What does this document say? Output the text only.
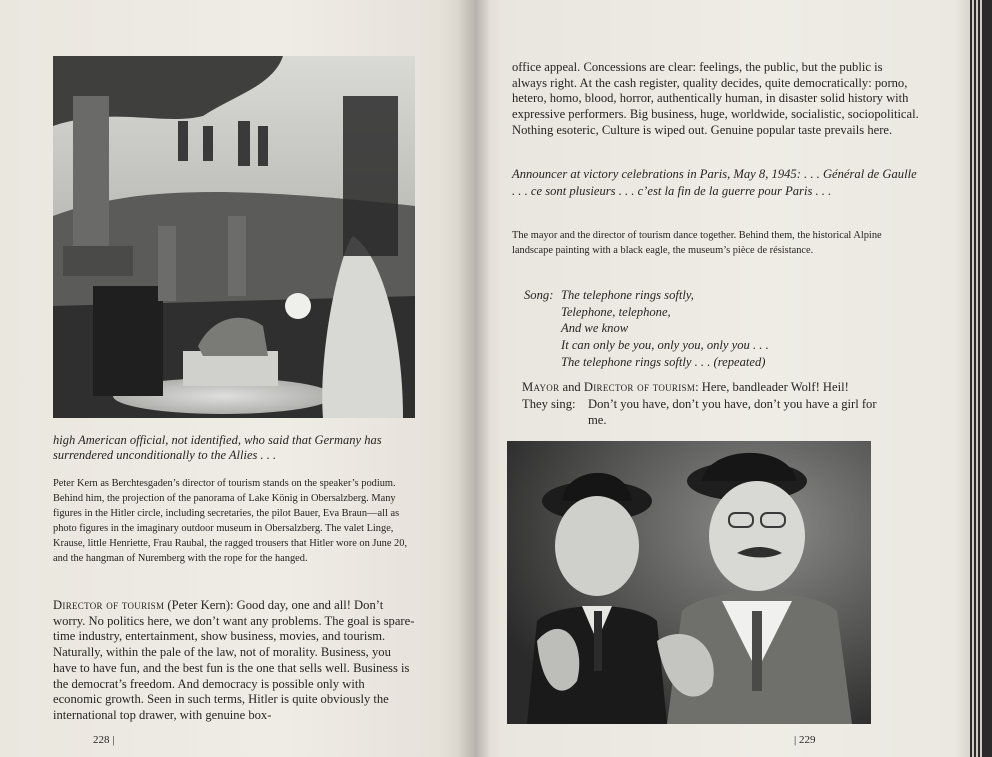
high American official, not identified, who said that Germany has surrendered unconditionally to the Allies . . .

Peter Kern as Berchtesgaden’s director of tourism stands on the speaker’s podium. Behind him, the projection of the panorama of Lake König in Obersalzberg. Many figures in the Hitler circle, including secretaries, the pilot Bauer, Eva Braun—all as photo figures in the imaginary outdoor museum in Obersalzberg. The valet Linge, Krause, little Henriette, Frau Raubal, the ragged trousers that Hitler wore on June 20, and the hangman of Nuremberg with the rope for the hanged.

Director of tourism (Peter Kern): Good day, one and all! Don’t worry. No politics here, we don’t want any problems. The goal is spare-time industry, entertainment, show business, movies, and tourism. Naturally, within the pale of the law, not of morality. Business, you have to have fun, and the best fun is the one that sells well. Business is the democrat’s freedom. And democracy is possible only with economic growth. Seen in such terms, Hitler is quite obviously the international top drawer, with genuine box-

228 |

office appeal. Concessions are clear: feelings, the public, but the public is always right. At the cash register, quality decides, quite democratically: porno, hetero, homo, blood, horror, authentically human, in disaster solid history with expressive performers. Big business, huge, worldwide, socialistic, sociopolitical. Nothing esoteric, Culture is wiped out. Genuine popular taste prevails here.

Announcer at victory celebrations in Paris, May 8, 1945: . . . Général de Gaulle . . . ce sont plusieurs . . . c’est la fin de la guerre pour Paris . . .

The mayor and the director of tourism dance together. Behind them, the historical Alpine landscape painting with a black eagle, the museum’s pièce de résistance.

Song: The telephone rings softly,
Telephone, telephone,
And we know
It can only be you, only you, only you . . .
The telephone rings softly . . . (repeated)

Mayor and Director of tourism: Here, bandleader Wolf! Heil!

They sing: Don’t you have, don’t you have, don’t you have a girl for me.
| 229
